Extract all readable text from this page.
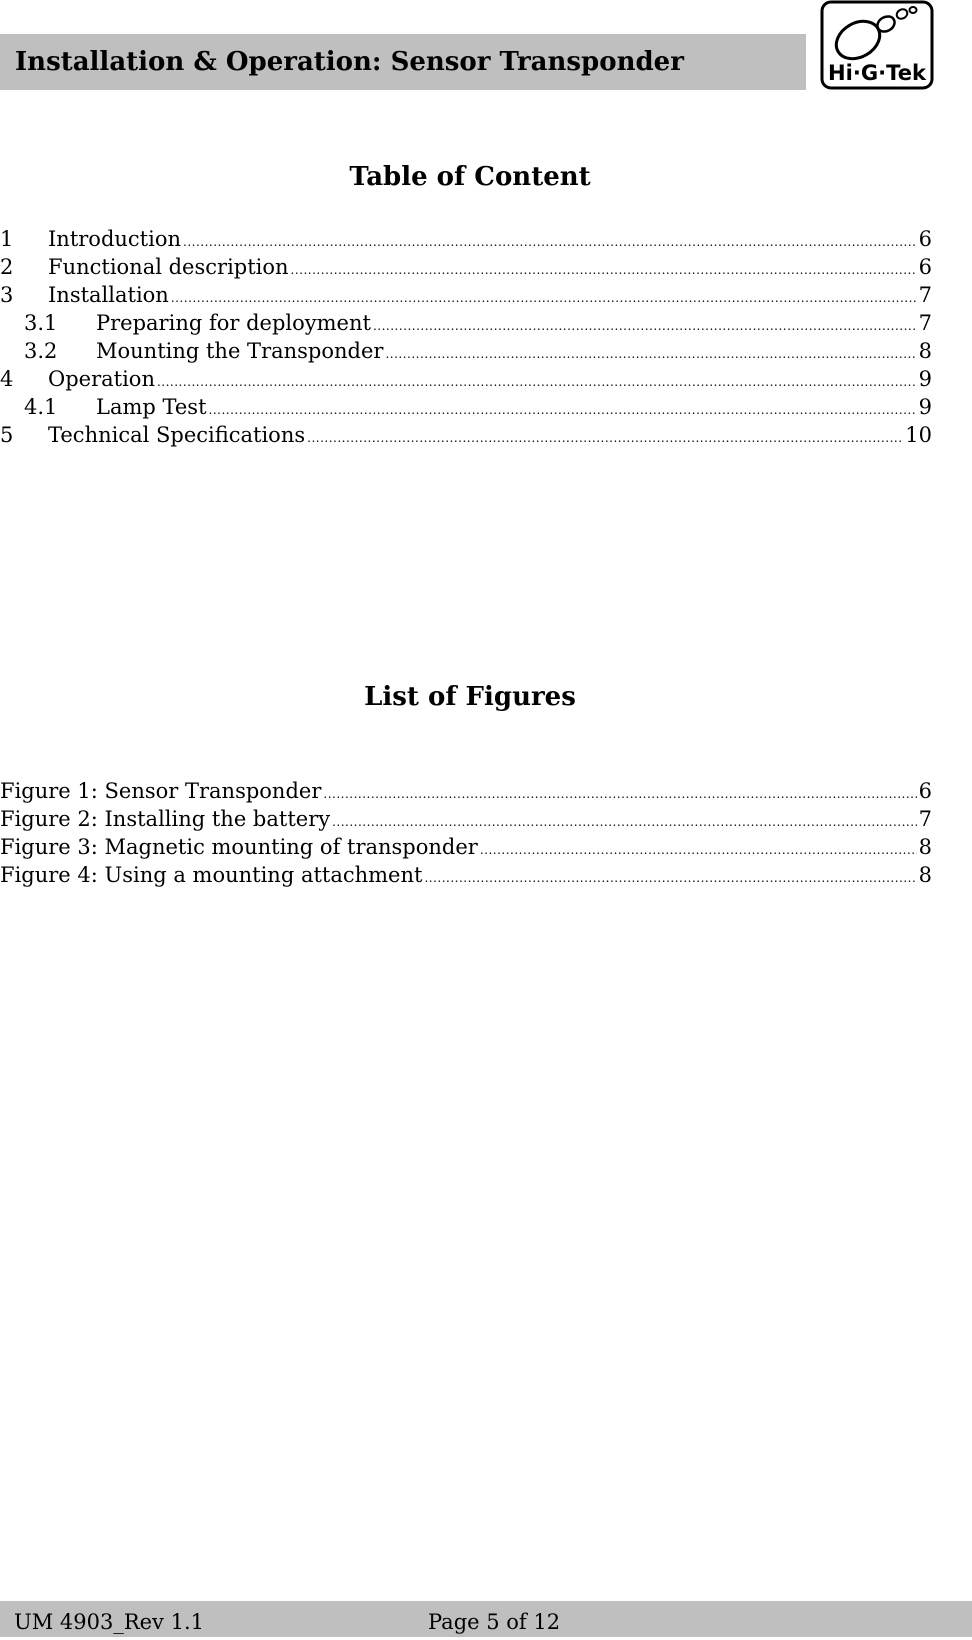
Installation & Operation: Sensor Transponder	Hi·G·Tek
Table of Content
1 Introduction .....	6
2 Functional description .....	6
3 Installation .....	7
3.1 Preparing for deployment .....	7
3.2 Mounting the Transponder .....	8
4 Operation .....	9
4.1 Lamp Test .....	9
5 Technical Specifications .....	10
List of Figures
Figure 1: Sensor Transponder .....	6
Figure 2: Installing the battery .....	7
Figure 3: Magnetic mounting of transponder .....	8
Figure 4: Using a mounting attachment .....	8
UM 4903_Rev 1.1	Page 5 of 12
